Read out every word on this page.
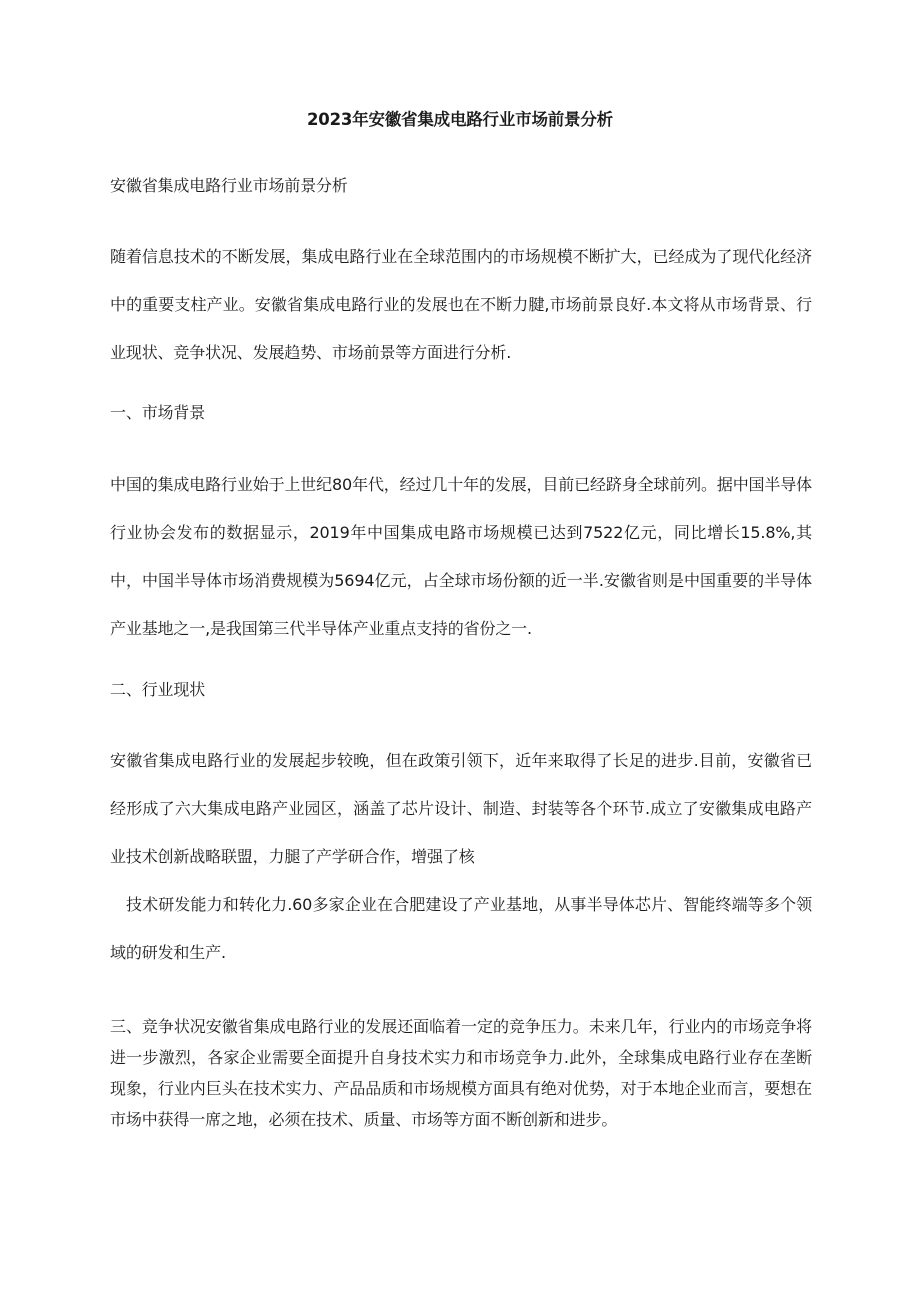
2023年安徽省集成电路行业市场前景分析
安徽省集成电路行业市场前景分析
随着信息技术的不断发展，集成电路行业在全球范围内的市场规模不断扩大，已经成为了现代化经济中的重要支柱产业。安徽省集成电路行业的发展也在不断力腱,市场前景良好.本文将从市场背景、行业现状、竞争状况、发展趋势、市场前景等方面进行分析.
一、市场背景
中国的集成电路行业始于上世纪80年代，经过几十年的发展，目前已经跻身全球前列。据中国半导体行业协会发布的数据显示，2019年中国集成电路市场规模已达到7522亿元，同比增长15.8%,其中，中国半导体市场消费规模为5694亿元，占全球市场份额的近一半.安徽省则是中国重要的半导体产业基地之一,是我国第三代半导体产业重点支持的省份之一.
二、行业现状
安徽省集成电路行业的发展起步较晚，但在政策引领下，近年来取得了长足的进步.目前，安徽省已经形成了六大集成电路产业园区，涵盖了芯片设计、制造、封装等各个环节.成立了安徽集成电路产业技术创新战略联盟，力腿了产学研合作，增强了核
技术研发能力和转化力.60多家企业在合肥建设了产业基地，从事半导体芯片、智能终端等多个领域的研发和生产.
三、竞争状况安徽省集成电路行业的发展还面临着一定的竞争压力。未来几年，行业内的市场竞争将进一步激烈，各家企业需要全面提升自身技术实力和市场竞争力.此外，全球集成电路行业存在垄断现象，行业内巨头在技术实力、产品品质和市场规模方面具有绝对优势，对于本地企业而言，要想在市场中获得一席之地，必须在技术、质量、市场等方面不断创新和进步。
